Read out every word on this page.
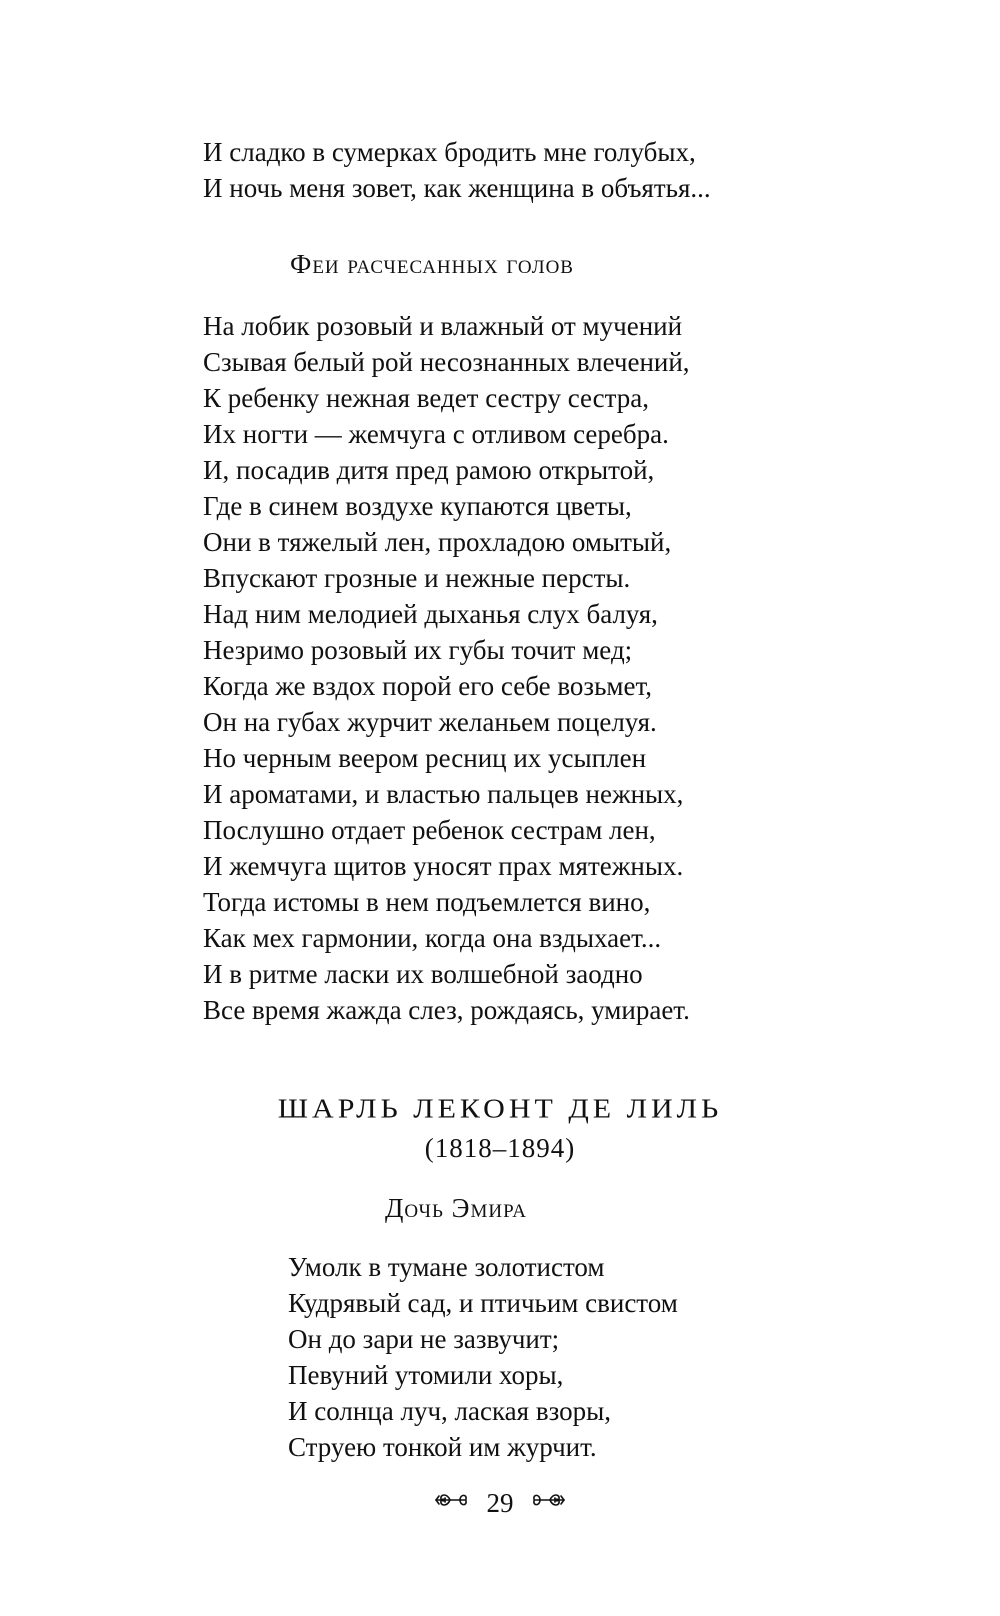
И сладко в сумерках бродить мне голубых,
И ночь меня зовет, как женщина в объятья...
Феи расчесанных голов
На лобик розовый и влажный от мучений
Сзывая белый рой несознанных влечений,
К ребенку нежная ведет сестру сестра,
Их ногти — жемчуга с отливом серебра.
И, посадив дитя пред рамою открытой,
Где в синем воздухе купаются цветы,
Они в тяжелый лен, прохладою омытый,
Впускают грозные и нежные персты.
Над ним мелодией дыханья слух балуя,
Незримо розовый их губы точит мед;
Когда же вздох порой его себе возьмет,
Он на губах журчит желаньем поцелуя.
Но черным веером ресниц их усыплен
И ароматами, и властью пальцев нежных,
Послушно отдает ребенок сестрам лен,
И жемчуга щитов уносят прах мятежных.
Тогда истомы в нем подъемлется вино,
Как мех гармонии, когда она вздыхает...
И в ритме ласки их волшебной заодно
Все время жажда слез, рождаясь, умирает.
ШАРЛЬ ЛЕКОНТ ДЕ ЛИЛЬ
(1818–1894)
Дочь Эмира
Умолк в тумане золотистом
Кудрявый сад, и птичьим свистом
Он до зари не зазвучит;
Певуний утомили хоры,
И солнца луч, лаская взоры,
Струею тонкой им журчит.
29
